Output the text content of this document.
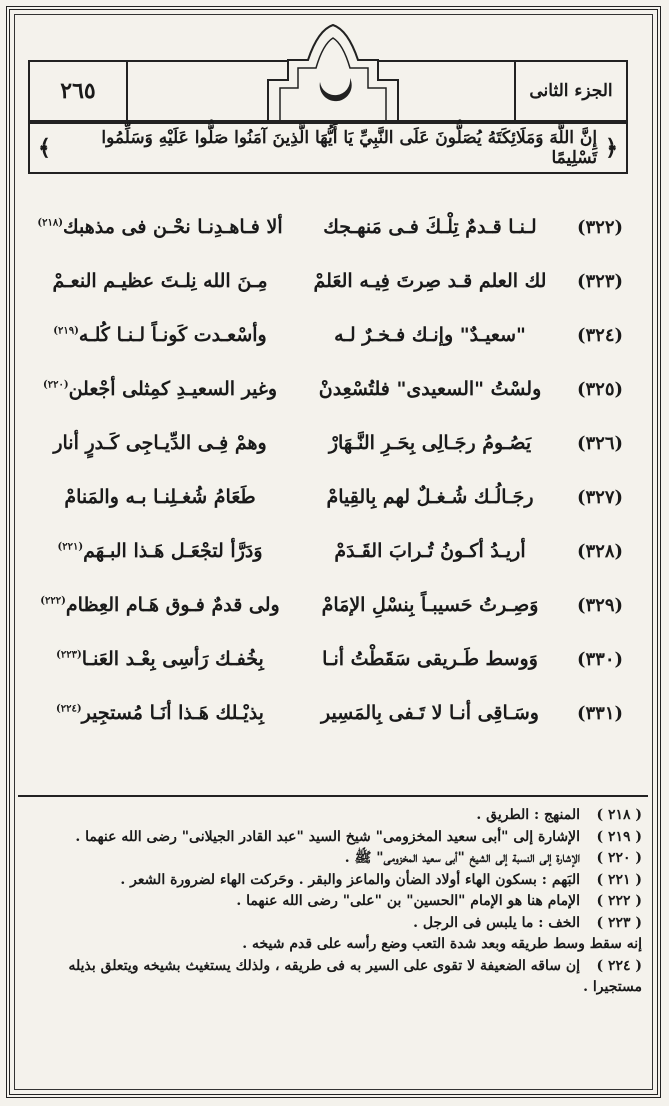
٢٦٥	الجزء الثانى
﴿
إِنَّ اللَّهَ وَمَلَائِكَتَهُ يُصَلُّونَ عَلَى النَّبِيِّ يَا أَيُّهَا الَّذِينَ آمَنُوا صَلُّوا عَلَيْهِ وَسَلِّمُوا تَسْلِيمًا
﴾
(٣٢٢)
لـنـا قـدمٌ تِلْـكَ فـى مَنهـجك
ألا فـاهـدِنـا نحْـن فى مذهبك$^{(٢١٨)}$
(٣٢٣)
لك العلم قـد صِرتَ فِيـه العَلمْ
مِـنَ الله نِلـتَ عظيـم النعـمْ
(٣٢٤)
"سعيـدٌ" وإنـك فـخـرٌ لـه
وأسْعـدت كَونـاً لـنـا كُلـه$^{(٢١٩)}$
(٣٢٥)
ولسْتُ "السعيدى" فلتُسْعِدنْ
وغير السعيـدِ كمِثلى أجْعلن$^{(٢٢٠)}$
(٣٢٦)
يَصُـومُ رجَـالِى بِحَـرِ النَّـهَارْ
وهمْ فِـى الدِّيـاجِى كَـدرٍ أنار
(٣٢٧)
رجَـالُـك شُـغـلٌ لهم بِالقِيامْ
طَعَامُ شُغـلِنـا بـه والمَنامْ
(٣٢٨)
أريـدُ أكـونُ تُـرابَ القَـدَمْ
وَدَرَّأ لتجْعَـل هَـذا البـهَم$^{(٢٢١)}$
(٣٢٩)
وَصِـرتُ حَسيبـاً بِنسْلِ الإمَامْ
ولى قدمٌ فـوق هَـام العِظام$^{(٢٢٢)}$
(٣٣٠)
وَوسط طَـريقى سَقَطْتُ أنـا
بِخُفـك رَأسِى بِعْـد العَنـا$^{(٢٢٣)}$
(٣٣١)
وسَـاقِى أنـا لا تَـفى بِالمَسِير
بِذيْـلك هَـذا أنَـا مُستجِير$^{(٢٢٤)}$

( ٢١٨ )المنهج : الطريق .

( ٢١٩ )الإشارة إلى "أبى سعيد المخزومى" شيخ السيد "عبد القادر الجيلانى" رضى الله عنهما .

( ٢٢٠ )الإشارة إلى النسبة إلى الشيخ "أبى سعيد المخزومى" ﷺ .

( ٢٢١ )البَهم : بسكون الهاء أولاد الضأن والماعز والبقر . وحَركت الهاء لضرورة الشعر .

( ٢٢٢ )الإمام هنا هو الإمام "الحسين" بن "على" رضى الله عنهما .

( ٢٢٣ )الخف : ما يلبس فى الرجل .

إنه سقط وسط طريقه وبعد شدة التعب وضع رأسه على قدم شيخه .

( ٢٢٤ )إن ساقه الضعيفة لا تقوى على السير به فى طريقه ، ولذلك يستغيث بشيخه ويتعلق بذيله

مستجيرا .
